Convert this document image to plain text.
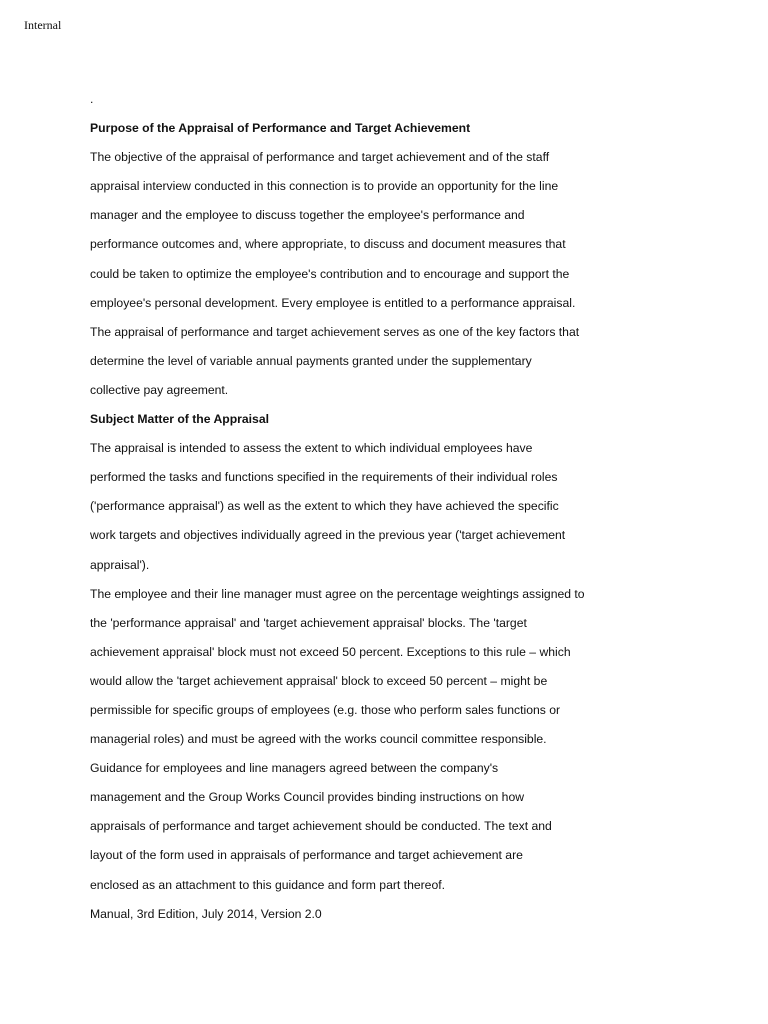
Internal
.
Purpose of the Appraisal of Performance and Target Achievement
The objective of the appraisal of performance and target achievement and of the staff
appraisal interview conducted in this connection is to provide an opportunity for the line
manager and the employee to discuss together the employee's performance and
performance outcomes and, where appropriate, to discuss and document measures that
could be taken to optimize the employee's contribution and to encourage and support the
employee's personal development. Every employee is entitled to a performance appraisal.
The appraisal of performance and target achievement serves as one of the key factors that
determine the level of variable annual payments granted under the supplementary
collective pay agreement.
Subject Matter of the Appraisal
The appraisal is intended to assess the extent to which individual employees have
performed the tasks and functions specified in the requirements of their individual roles
('performance appraisal') as well as the extent to which they have achieved the specific
work targets and objectives individually agreed in the previous year ('target achievement
appraisal').
The employee and their line manager must agree on the percentage weightings assigned to
the 'performance appraisal' and 'target achievement appraisal' blocks. The 'target
achievement appraisal' block must not exceed 50 percent. Exceptions to this rule – which
would allow the 'target achievement appraisal' block to exceed 50 percent – might be
permissible for specific groups of employees (e.g. those who perform sales functions or
managerial roles) and must be agreed with the works council committee responsible.
Guidance for employees and line managers agreed between the company's
management and the Group Works Council provides binding instructions on how
appraisals of performance and target achievement should be conducted. The text and
layout of the form used in appraisals of performance and target achievement are
enclosed as an attachment to this guidance and form part thereof.
Manual, 3rd Edition, July 2014, Version 2.0
